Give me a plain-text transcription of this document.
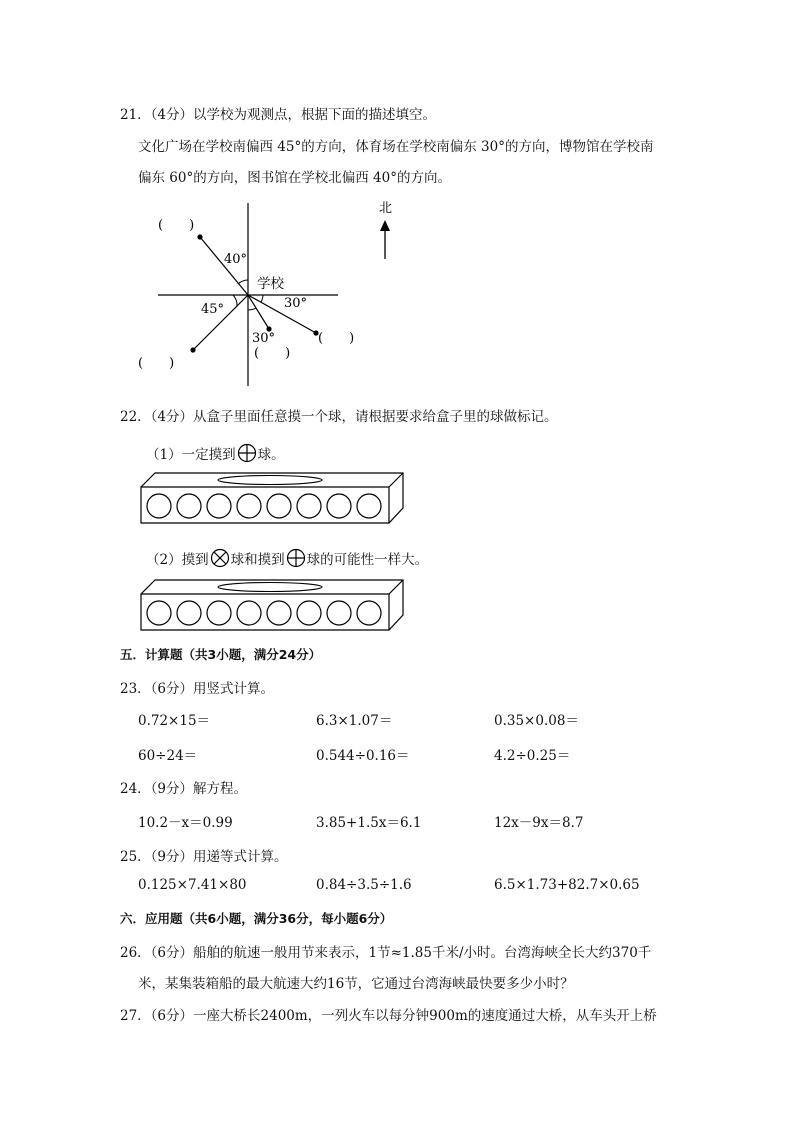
21．（4分）以学校为观测点，根据下面的描述填空。
文化广场在学校南偏西 45°的方向，体育场在学校南偏东 30°的方向，博物馆在学校南
偏东 60°的方向，图书馆在学校北偏西 40°的方向。
40°
45°	30°
30°
学校
(　　)
(　　)
(　　)
(　　)
北
22．（4分）从盒子里面任意摸一个球，请根据要求给盒子里的球做标记。
（1）一定摸到 球。
（2）摸到 球和摸到 球的可能性一样大。
五．计算题（共3小题，满分24分）
23．（6分）用竖式计算。
0.72×15＝	6.3×1.07＝	0.35×0.08＝
60÷24＝	0.544÷0.16＝	4.2÷0.25＝
24．（9分）解方程。
10.2－x＝0.99	3.85+1.5x＝6.1	12x－9x＝8.7
25．（9分）用递等式计算。
0.125×7.41×80	0.84÷3.5÷1.6	6.5×1.73+82.7×0.65
六．应用题（共6小题，满分36分，每小题6分）
26．（6分）船舶的航速一般用节来表示，1节≈1.85千米/小时。台湾海峡全长大约370千
米，某集装箱船的最大航速大约16节，它通过台湾海峡最快要多少小时？
27．（6分）一座大桥长2400m，一列火车以每分钟900m的速度通过大桥，从车头开上桥
